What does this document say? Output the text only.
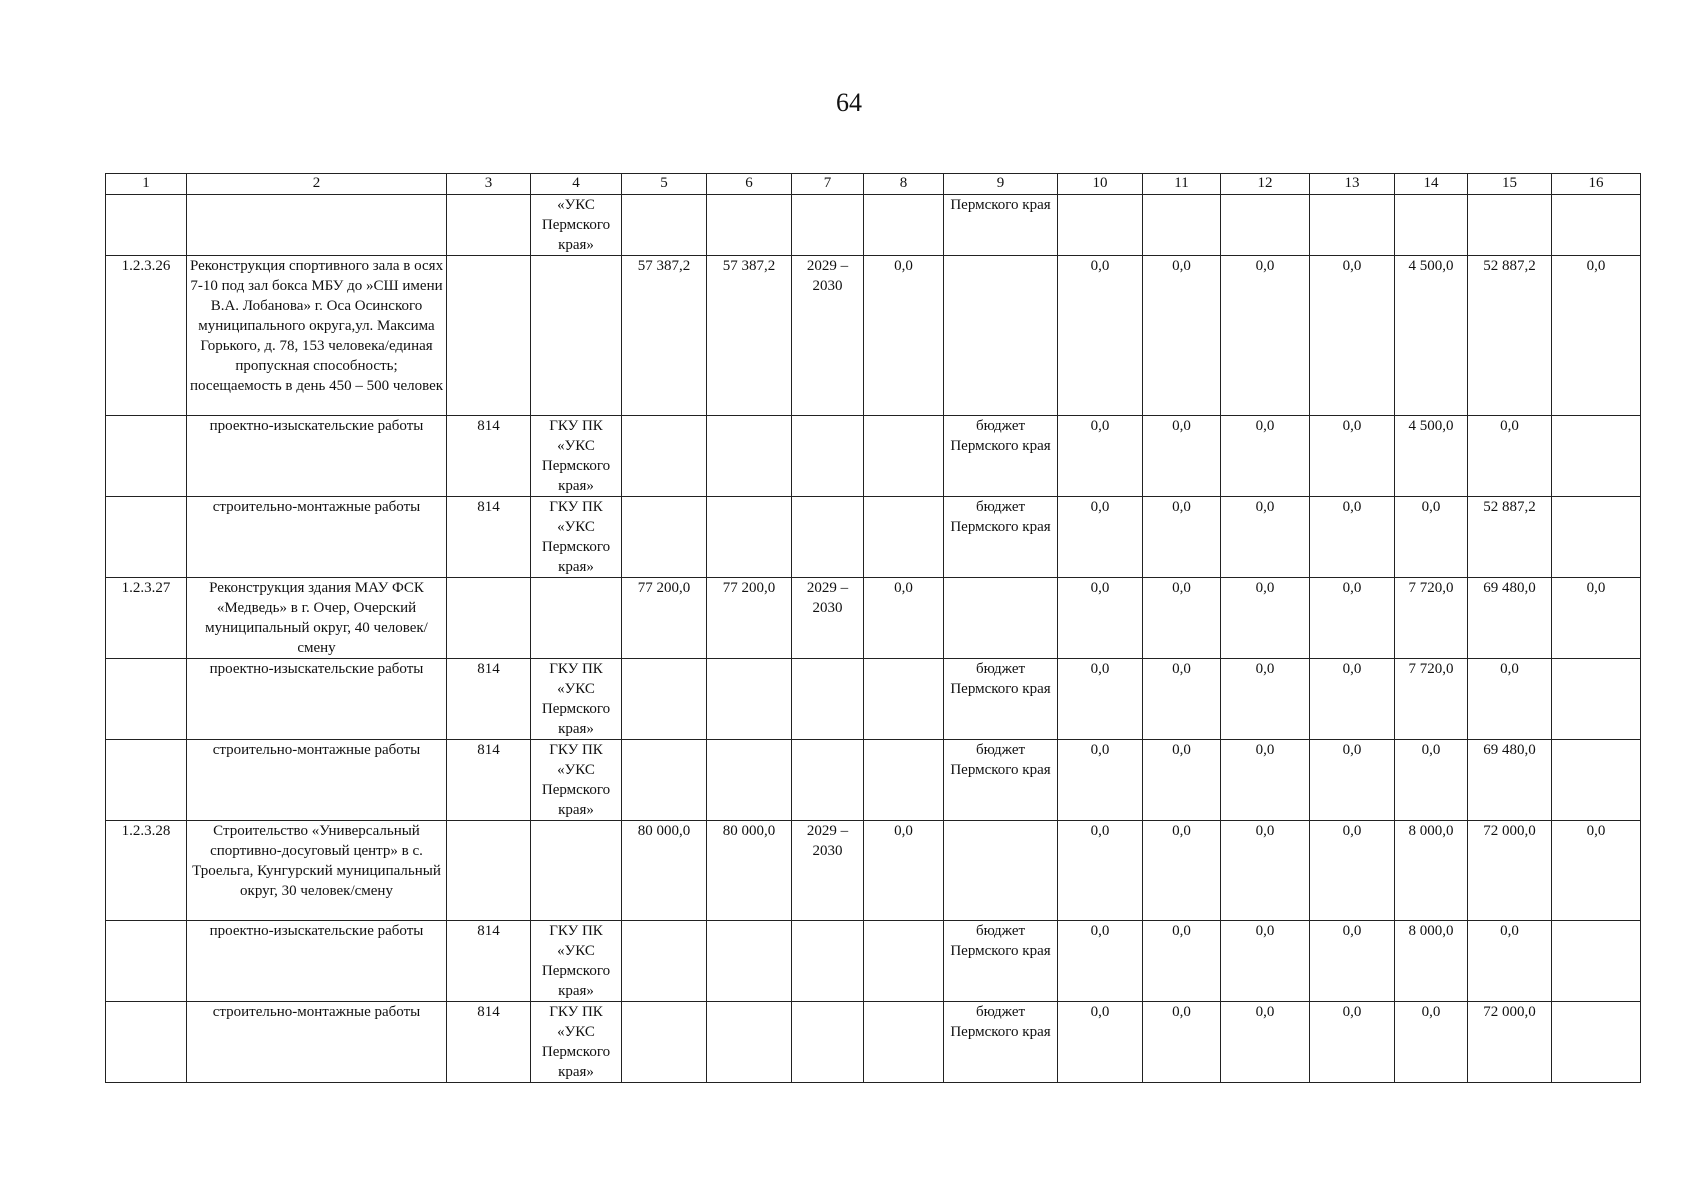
64
1	2	3	4	5	6	7	8	9	10	11	12	13	14	15	16
			«УКС Пермского края»					Пермского края							
1.2.3.26	Реконструкция спортивного зала в осях 7-10 под зал бокса МБУ до »СШ имени В.А. Лобанова» г. Оса Осинского муниципального округа,ул. Максима Горького, д. 78, 153 человека/единая пропускная способность; посещаемость в день 450 – 500 человек			57 387,2	57 387,2	2029 – 2030	0,0		0,0	0,0	0,0	0,0	4 500,0	52 887,2	0,0
	проектно-изыскательские работы	814	ГКУ ПК «УКС Пермского края»					бюджет Пермского края	0,0	0,0	0,0	0,0	4 500,0	0,0	
	строительно-монтажные работы	814	ГКУ ПК «УКС Пермского края»					бюджет Пермского края	0,0	0,0	0,0	0,0	0,0	52 887,2	
1.2.3.27	Реконструкция здания МАУ ФСК «Медведь» в г. Очер, Очерский муниципальный округ, 40 человек/смену			77 200,0	77 200,0	2029 – 2030	0,0		0,0	0,0	0,0	0,0	7 720,0	69 480,0	0,0
	проектно-изыскательские работы	814	ГКУ ПК «УКС Пермского края»					бюджет Пермского края	0,0	0,0	0,0	0,0	7 720,0	0,0	
	строительно-монтажные работы	814	ГКУ ПК «УКС Пермского края»					бюджет Пермского края	0,0	0,0	0,0	0,0	0,0	69 480,0	
1.2.3.28	Строительство «Универсальный спортивно-досуговый центр» в с. Троельга, Кунгурский муниципальный округ, 30 человек/смену			80 000,0	80 000,0	2029 – 2030	0,0		0,0	0,0	0,0	0,0	8 000,0	72 000,0	0,0
	проектно-изыскательские работы	814	ГКУ ПК «УКС Пермского края»					бюджет Пермского края	0,0	0,0	0,0	0,0	8 000,0	0,0	
	строительно-монтажные работы	814	ГКУ ПК «УКС Пермского края»					бюджет Пермского края	0,0	0,0	0,0	0,0	0,0	72 000,0	
